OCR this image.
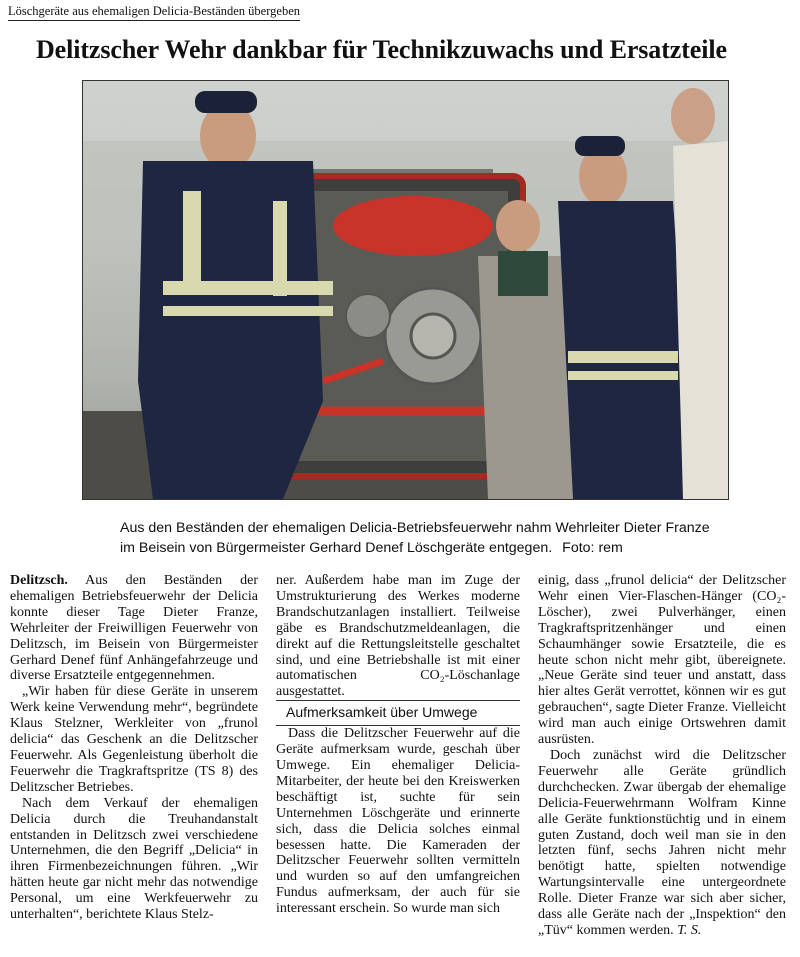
Löschgeräte aus ehemaligen Delicia-Beständen übergeben
Delitzscher Wehr dankbar für Technikzuwachs und Ersatzteile
Aus den Beständen der ehemaligen Delicia-Betriebsfeuerwehr nahm Wehrleiter Dieter Franze im Beisein von Bürgermeister Gerhard Denef Löschgeräte entgegen. Foto: rem

Delitzsch. Aus den Beständen der ehemaligen Betriebsfeuerwehr der Delicia konnte dieser Tage Dieter Franze, Wehrleiter der Freiwilligen Feuerwehr von Delitzsch, im Beisein von Bürgermeister Gerhard Denef fünf Anhängefahrzeuge und diverse Ersatzteile entgegennehmen.

„Wir haben für diese Geräte in unserem Werk keine Verwendung mehr“, begründete Klaus Stelzner, Werkleiter von „frunol delicia“ das Geschenk an die Delitzscher Feuerwehr. Als Gegenleistung überholt die Feuerwehr die Tragkraftspritze (TS 8) des Delitzscher Betriebes.

Nach dem Verkauf der ehemaligen Delicia durch die Treuhandanstalt entstanden in Delitzsch zwei verschiedene Unternehmen, die den Begriff „Delicia“ in ihren Firmenbezeichnungen führen. „Wir hätten heute gar nicht mehr das notwendige Personal, um eine Werkfeuerwehr zu unterhalten“, berichtete Klaus Stelz-

ner. Außerdem habe man im Zuge der Umstrukturierung des Werkes moderne Brandschutzanlagen installiert. Teilweise gäbe es Brandschutzmeldeanlagen, die direkt auf die Rettungsleitstelle geschaltet sind, und eine Betriebshalle ist mit einer automatischen CO₂-Löschanlage ausgestattet.

Aufmerksamkeit über Umwege

Dass die Delitzscher Feuerwehr auf die Geräte aufmerksam wurde, geschah über Umwege. Ein ehemaliger Delicia-Mitarbeiter, der heute bei den Kreiswerken beschäftigt ist, suchte für sein Unternehmen Löschgeräte und erinnerte sich, dass die Delicia solches einmal besessen hatte. Die Kameraden der Delitzscher Feuerwehr sollten vermitteln und wurden so auf den umfangreichen Fundus aufmerksam, der auch für sie interessant erschein. So wurde man sich

einig, dass „frunol delicia“ der Delitzscher Wehr einen Vier-Flaschen-Hänger (CO₂-Löscher), zwei Pulverhänger, einen Tragkraftspritzenhänger und einen Schaumhänger sowie Ersatzteile, die es heute schon nicht mehr gibt, übereignete. „Neue Geräte sind teuer und anstatt, dass hier altes Gerät verrottet, können wir es gut gebrauchen“, sagte Dieter Franze. Vielleicht wird man auch einige Ortswehren damit ausrüsten.

Doch zunächst wird die Delitzscher Feuerwehr alle Geräte gründlich durchchecken. Zwar übergab der ehemalige Delicia-Feuerwehrmann Wolfram Kinne alle Geräte funktionstüchtig und in einem guten Zustand, doch weil man sie in den letzten fünf, sechs Jahren nicht mehr benötigt hatte, spielten notwendige Wartungsintervalle eine untergeordnete Rolle. Dieter Franze war sich aber sicher, dass alle Geräte nach der „Inspektion“ den „Tüv“ kommen werden. T. S.
